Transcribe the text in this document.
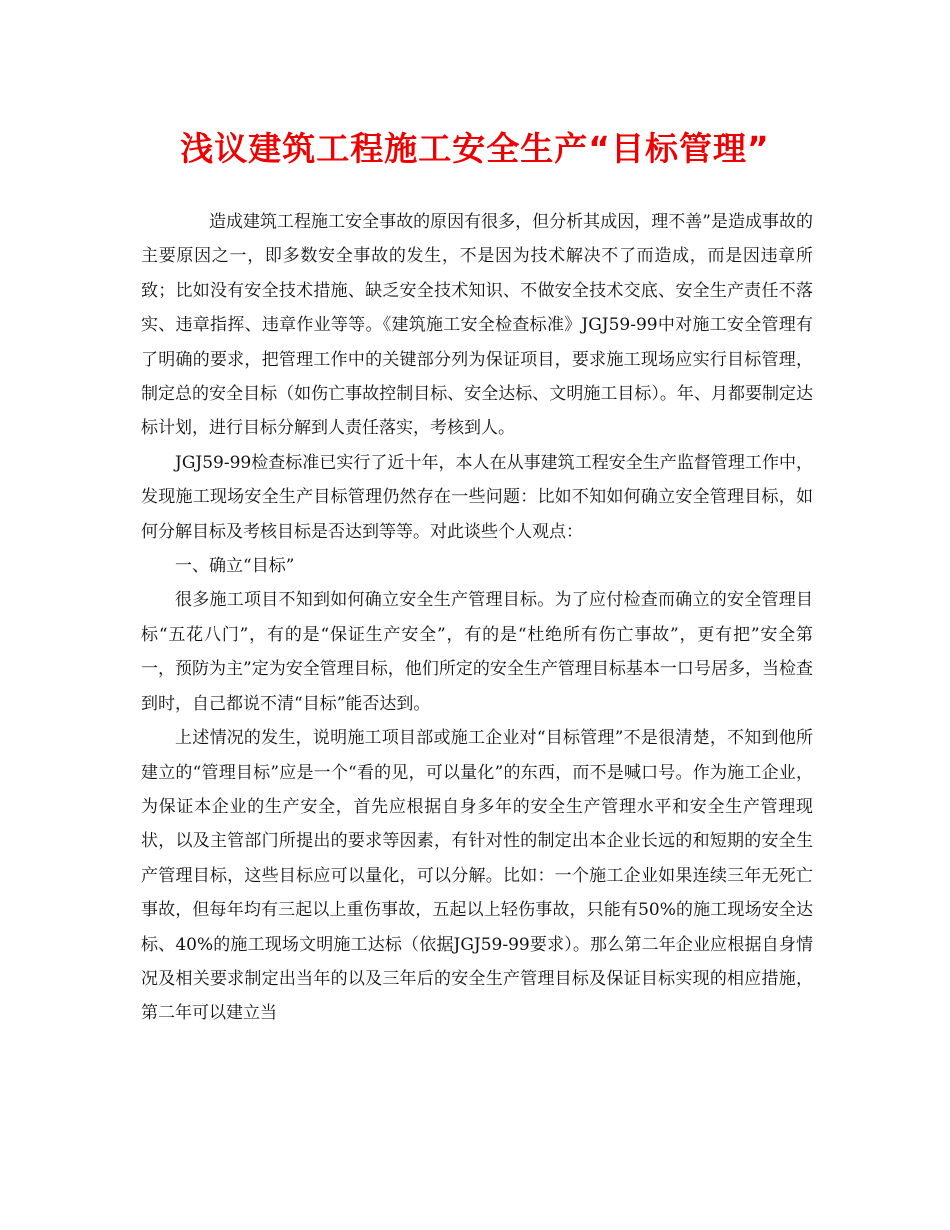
浅议建筑工程施工安全生产“目标管理”

造成建筑工程施工安全事故的原因有很多，但分析其成因，理不善”是造成事故的主要原因之一，即多数安全事故的发生，不是因为技术解决不了而造成，而是因违章所致；比如没有安全技术措施、缺乏安全技术知识、不做安全技术交底、安全生产责任不落实、违章指挥、违章作业等等。《建筑施工安全检查标准》JGJ59-99中对施工安全管理有了明确的要求，把管理工作中的关键部分列为保证项目，要求施工现场应实行目标管理，制定总的安全目标（如伤亡事故控制目标、安全达标、文明施工目标）。年、月都要制定达标计划，进行目标分解到人责任落实，考核到人。

JGJ59-99检查标准已实行了近十年，本人在从事建筑工程安全生产监督管理工作中，发现施工现场安全生产目标管理仍然存在一些问题：比如不知如何确立安全管理目标，如何分解目标及考核目标是否达到等等。对此谈些个人观点：

一、确立“目标”

很多施工项目不知到如何确立安全生产管理目标。为了应付检查而确立的安全管理目标“五花八门”，有的是“保证生产安全”，有的是“杜绝所有伤亡事故”，更有把”安全第一，预防为主”定为安全管理目标，他们所定的安全生产管理目标基本一口号居多，当检查到时，自己都说不清“目标”能否达到。

上述情况的发生，说明施工项目部或施工企业对“目标管理”不是很清楚，不知到他所建立的“管理目标”应是一个“看的见，可以量化”的东西，而不是喊口号。作为施工企业，为保证本企业的生产安全，首先应根据自身多年的安全生产管理水平和安全生产管理现状，以及主管部门所提出的要求等因素，有针对性的制定出本企业长远的和短期的安全生产管理目标，这些目标应可以量化，可以分解。比如：一个施工企业如果连续三年无死亡事故，但每年均有三起以上重伤事故，五起以上轻伤事故，只能有50%的施工现场安全达标、40%的施工现场文明施工达标（依据JGJ59-99要求）。那么第二年企业应根据自身情况及相关要求制定出当年的以及三年后的安全生产管理目标及保证目标实现的相应措施，第二年可以建立当
